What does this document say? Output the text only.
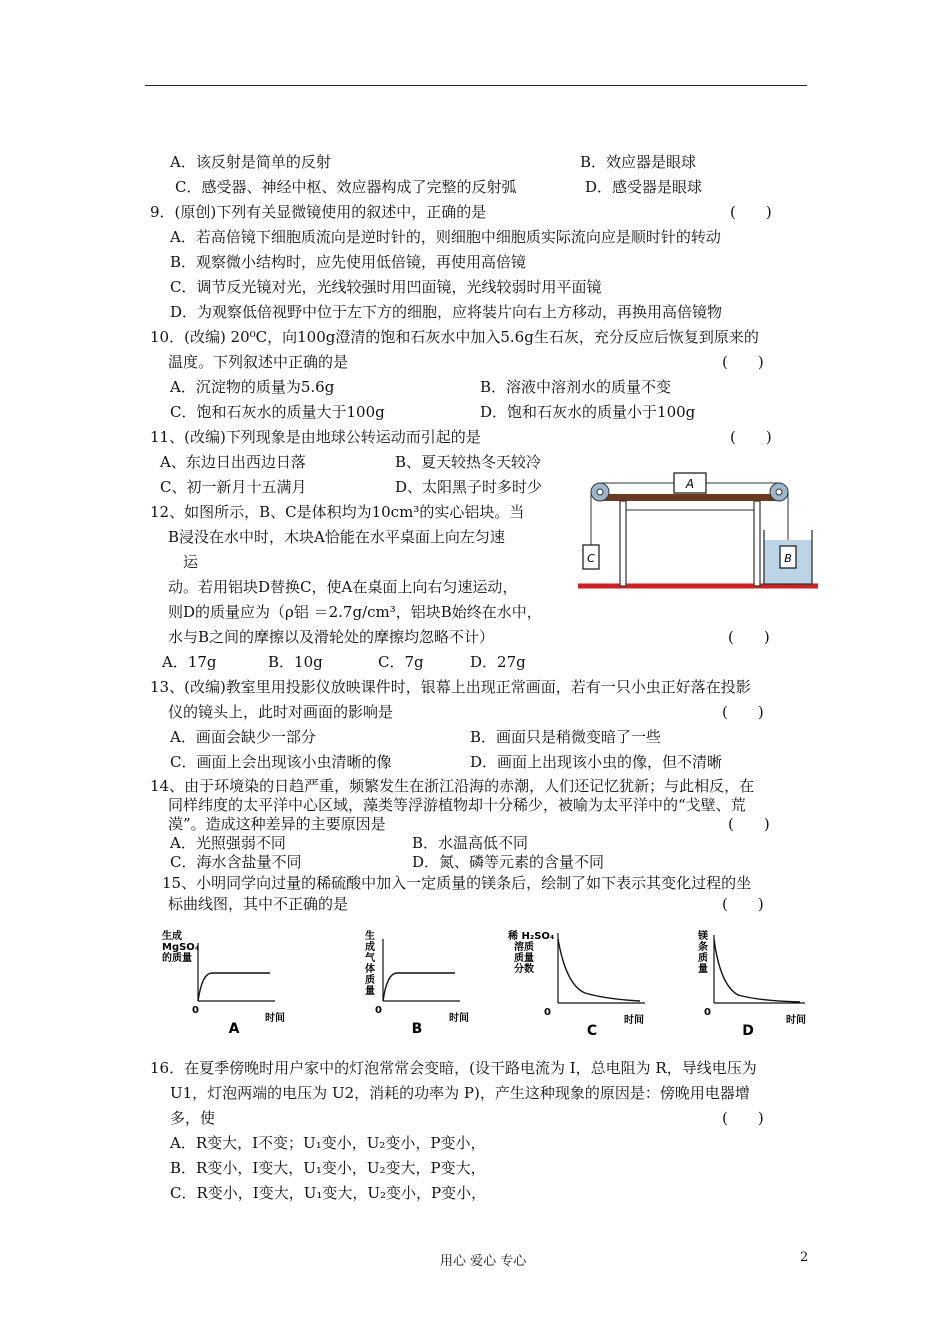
A．该反射是简单的反射	B．效应器是眼球
C．感受器、神经中枢、效应器构成了完整的反射弧	D．感受器是眼球
9．(原创)下列有关显微镜使用的叙述中，正确的是	(　　)
A．若高倍镜下细胞质流向是逆时针的，则细胞中细胞质实际流向应是顺时针的转动
B．观察微小结构时，应先使用低倍镜，再使用高倍镜
C．调节反光镜对光，光线较强时用凹面镜，光线较弱时用平面镜
D．为观察低倍视野中位于左下方的细胞，应将装片向右上方移动，再换用高倍镜物
10．(改编) 20⁰C，向100g澄清的饱和石灰水中加入5.6g生石灰，充分反应后恢复到原来的
温度。下列叙述中正确的是	(　　)
A．沉淀物的质量为5.6g	B．溶液中溶剂水的质量不变
C．饱和石灰水的质量大于100g	D．饱和石灰水的质量小于100g
11、(改编)下列现象是由地球公转运动而引起的是	(　　)
A、东边日出西边日落	B、夏天较热冬天较冷
C、初一新月十五满月	D、太阳黑子时多时少
12、如图所示，B、C是体积均为10cm³的实心铝块。当
B浸没在水中时，木块A恰能在水平桌面上向左匀速
运
动。若用铝块D替换C，使A在桌面上向右匀速运动，
则D的质量应为（ρ铝 ＝2.7g/cm³，铝块B始终在水中，
水与B之间的摩擦以及滑轮处的摩擦均忽略不计）	(　　)
A．17g	B．10g	C．7g	D．27g
A
C	B
13、(改编)教室里用投影仪放映课件时，银幕上出现正常画面，若有一只小虫正好落在投影
仪的镜头上，此时对画面的影响是	(　　)
A．画面会缺少一部分	B．画面只是稍微变暗了一些
C．画面上会出现该小虫清晰的像	D．画面上出现该小虫的像，但不清晰
14、由于环境染的日趋严重，频繁发生在浙江沿海的赤潮，人们还记忆犹新；与此相反，在
同样纬度的太平洋中心区域，藻类等浮游植物却十分稀少，被喻为太平洋中的“戈壁、荒
漠”。造成这种差异的主要原因是	(　　)
A．光照强弱不同	B．水温高低不同
C．海水含盐量不同	D．氮、磷等元素的含量不同
15、小明同学向过量的稀硫酸中加入一定质量的镁条后，绘制了如下表示其变化过程的坐
标曲线图，其中不正确的是	(　　)
生成
MgSO₄
的质量
0
时间
A
生
成
气
体
质
量
0
时间
B
稀 H₂SO₄
溶质
质量
分数
0
时间
C
镁
条
质
量
0
时间
D
16．在夏季傍晚时用户家中的灯泡常常会变暗，(设干路电流为 I，总电阻为 R，导线电压为
U1，灯泡两端的电压为 U2，消耗的功率为 P)，产生这种现象的原因是：傍晚用电器增
多，使	(　　)
A．R变大，I不变；U₁变小，U₂变小，P变小，
B．R变小，I变大，U₁变小，U₂变大，P变大，
C．R变小，I变大，U₁变大，U₂变小，P变小，
用心 爱心 专心	2
